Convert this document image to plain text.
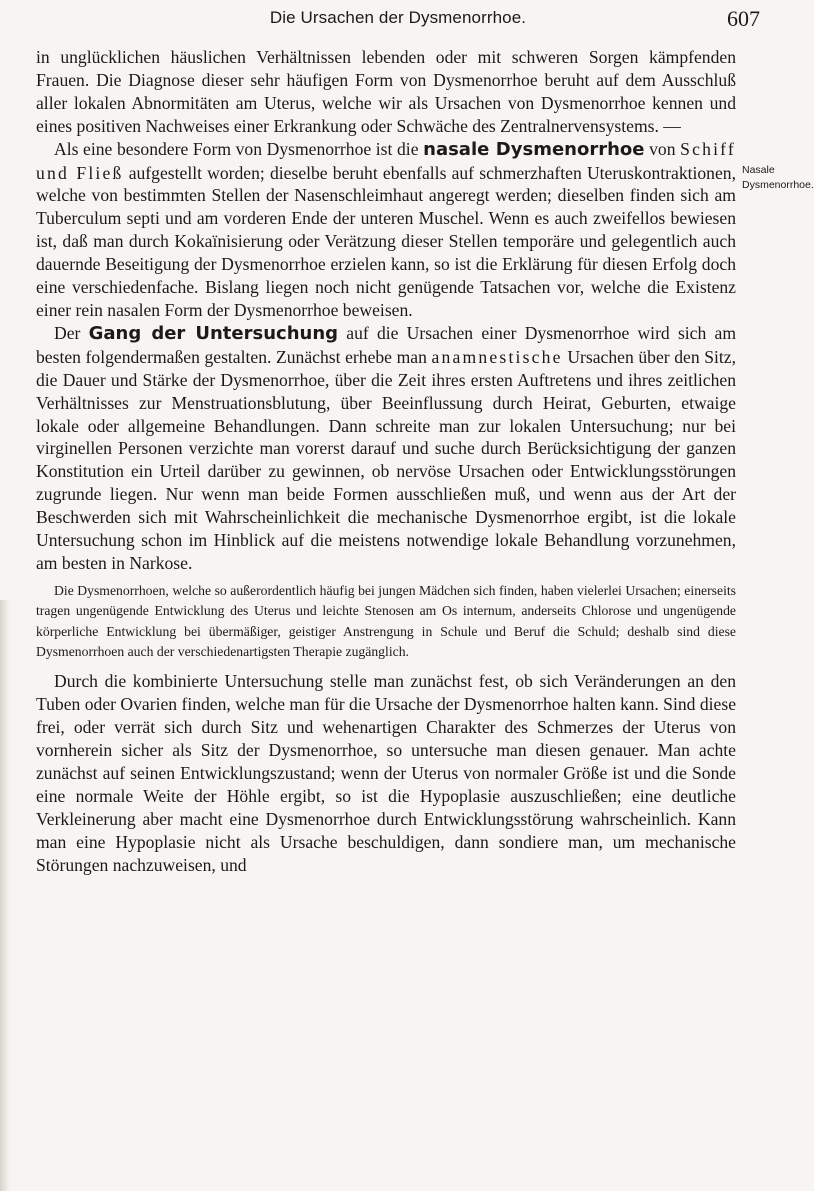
Die Ursachen der Dysmenorrhoe.	607
Nasale
Dysmenorrhoe.

in unglücklichen häuslichen Verhältnissen lebenden oder mit schweren Sorgen kämpfenden Frauen. Die Diagnose dieser sehr häufigen Form von Dysmenorrhoe beruht auf dem Ausschluß aller lokalen Abnormitäten am Uterus, welche wir als Ursachen von Dysmenorrhoe kennen und eines positiven Nachweises einer Erkrankung oder Schwäche des Zentralnervensystems. —

Als eine besondere Form von Dysmenorrhoe ist die nasale Dysmenorrhoe von Schiff und Fließ aufgestellt worden; dieselbe beruht ebenfalls auf schmerzhaften Uteruskontraktionen, welche von bestimmten Stellen der Nasenschleimhaut angeregt werden; dieselben finden sich am Tuberculum septi und am vorderen Ende der unteren Muschel. Wenn es auch zweifellos bewiesen ist, daß man durch Kokaïnisierung oder Verätzung dieser Stellen temporäre und gelegentlich auch dauernde Beseitigung der Dysmenorrhoe erzielen kann, so ist die Erklärung für diesen Erfolg doch eine verschiedenfache. Bislang liegen noch nicht genügende Tatsachen vor, welche die Existenz einer rein nasalen Form der Dysmenorrhoe beweisen.

Der Gang der Untersuchung auf die Ursachen einer Dysmenorrhoe wird sich am besten folgendermaßen gestalten. Zunächst erhebe man anamnestische Ursachen über den Sitz, die Dauer und Stärke der Dysmenorrhoe, über die Zeit ihres ersten Auftretens und ihres zeitlichen Verhältnisses zur Menstruationsblutung, über Beeinflussung durch Heirat, Geburten, etwaige lokale oder allgemeine Behandlungen. Dann schreite man zur lokalen Untersuchung; nur bei virginellen Personen verzichte man vorerst darauf und suche durch Berücksichtigung der ganzen Konstitution ein Urteil darüber zu gewinnen, ob nervöse Ursachen oder Entwicklungsstörungen zugrunde liegen. Nur wenn man beide Formen ausschließen muß, und wenn aus der Art der Beschwerden sich mit Wahrscheinlichkeit die mechanische Dysmenorrhoe ergibt, ist die lokale Untersuchung schon im Hinblick auf die meistens notwendige lokale Behandlung vorzunehmen, am besten in Narkose.

Die Dysmenorrhoen, welche so außerordentlich häufig bei jungen Mädchen sich finden, haben vielerlei Ursachen; einerseits tragen ungenügende Entwicklung des Uterus und leichte Stenosen am Os internum, anderseits Chlorose und ungenügende körperliche Entwicklung bei übermäßiger, geistiger Anstrengung in Schule und Beruf die Schuld; deshalb sind diese Dysmenorrhoen auch der verschiedenartigsten Therapie zugänglich.

Durch die kombinierte Untersuchung stelle man zunächst fest, ob sich Veränderungen an den Tuben oder Ovarien finden, welche man für die Ursache der Dysmenorrhoe halten kann. Sind diese frei, oder verrät sich durch Sitz und wehenartigen Charakter des Schmerzes der Uterus von vornherein sicher als Sitz der Dysmenorrhoe, so untersuche man diesen genauer. Man achte zunächst auf seinen Entwicklungszustand; wenn der Uterus von normaler Größe ist und die Sonde eine normale Weite der Höhle ergibt, so ist die Hypoplasie auszuschließen; eine deutliche Verkleinerung aber macht eine Dysmenorrhoe durch Entwicklungsstörung wahrscheinlich. Kann man eine Hypoplasie nicht als Ursache beschuldigen, dann sondiere man, um mechanische Störungen nachzuweisen, und
